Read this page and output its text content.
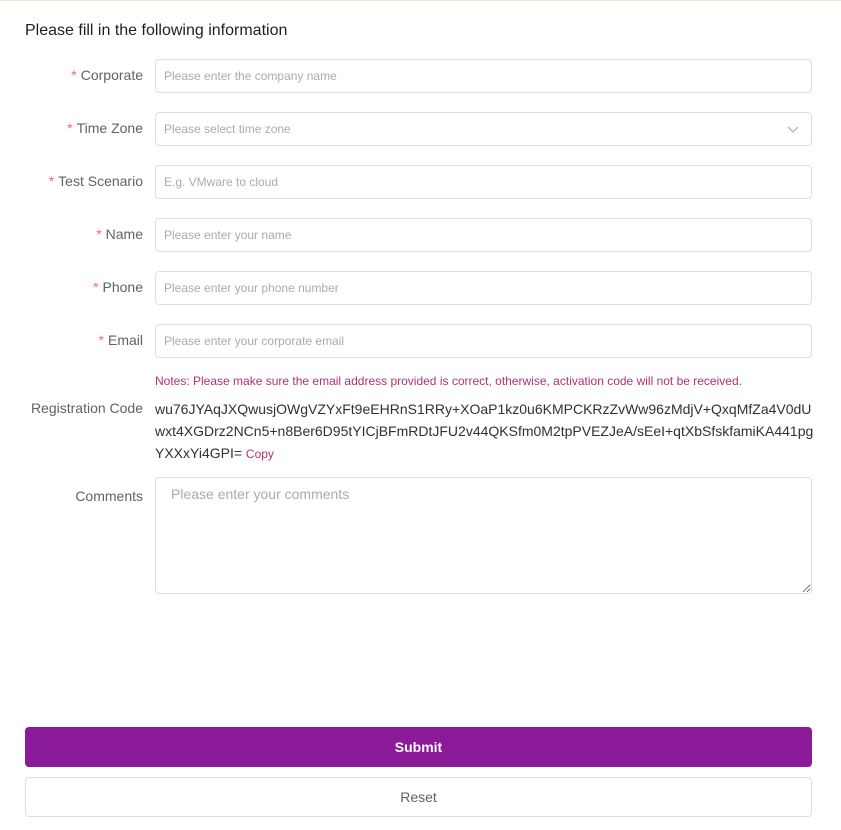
Please fill in the following information
* Corporate
Please enter the company name
* Time Zone Please select time zone
* Test Scenario
E.g. VMware to cloud
* Name
Please enter your name
* Phone
Please enter your phone number
* Email
Please enter your corporate email
Notes: Please make sure the email address provided is correct, otherwise, activation code will not be received.
Registration Code wu76JYAqJXQwusjOWgVZYxFt9eEHRnS1RRy+XOaP1kz0u6KMPCKRzZvWw96zMdjV+QxqMfZa4V0dUwxt4XGDrz2NCn5+n8Ber6D95tYICjBFmRDtJFU2v44QKSfm0M2tpPVEZJeA/sEeI+qtXbSfskfamiKA441pgYXXxYi4GPI= Copy
Comments
Please enter your comments
Submit
Reset
